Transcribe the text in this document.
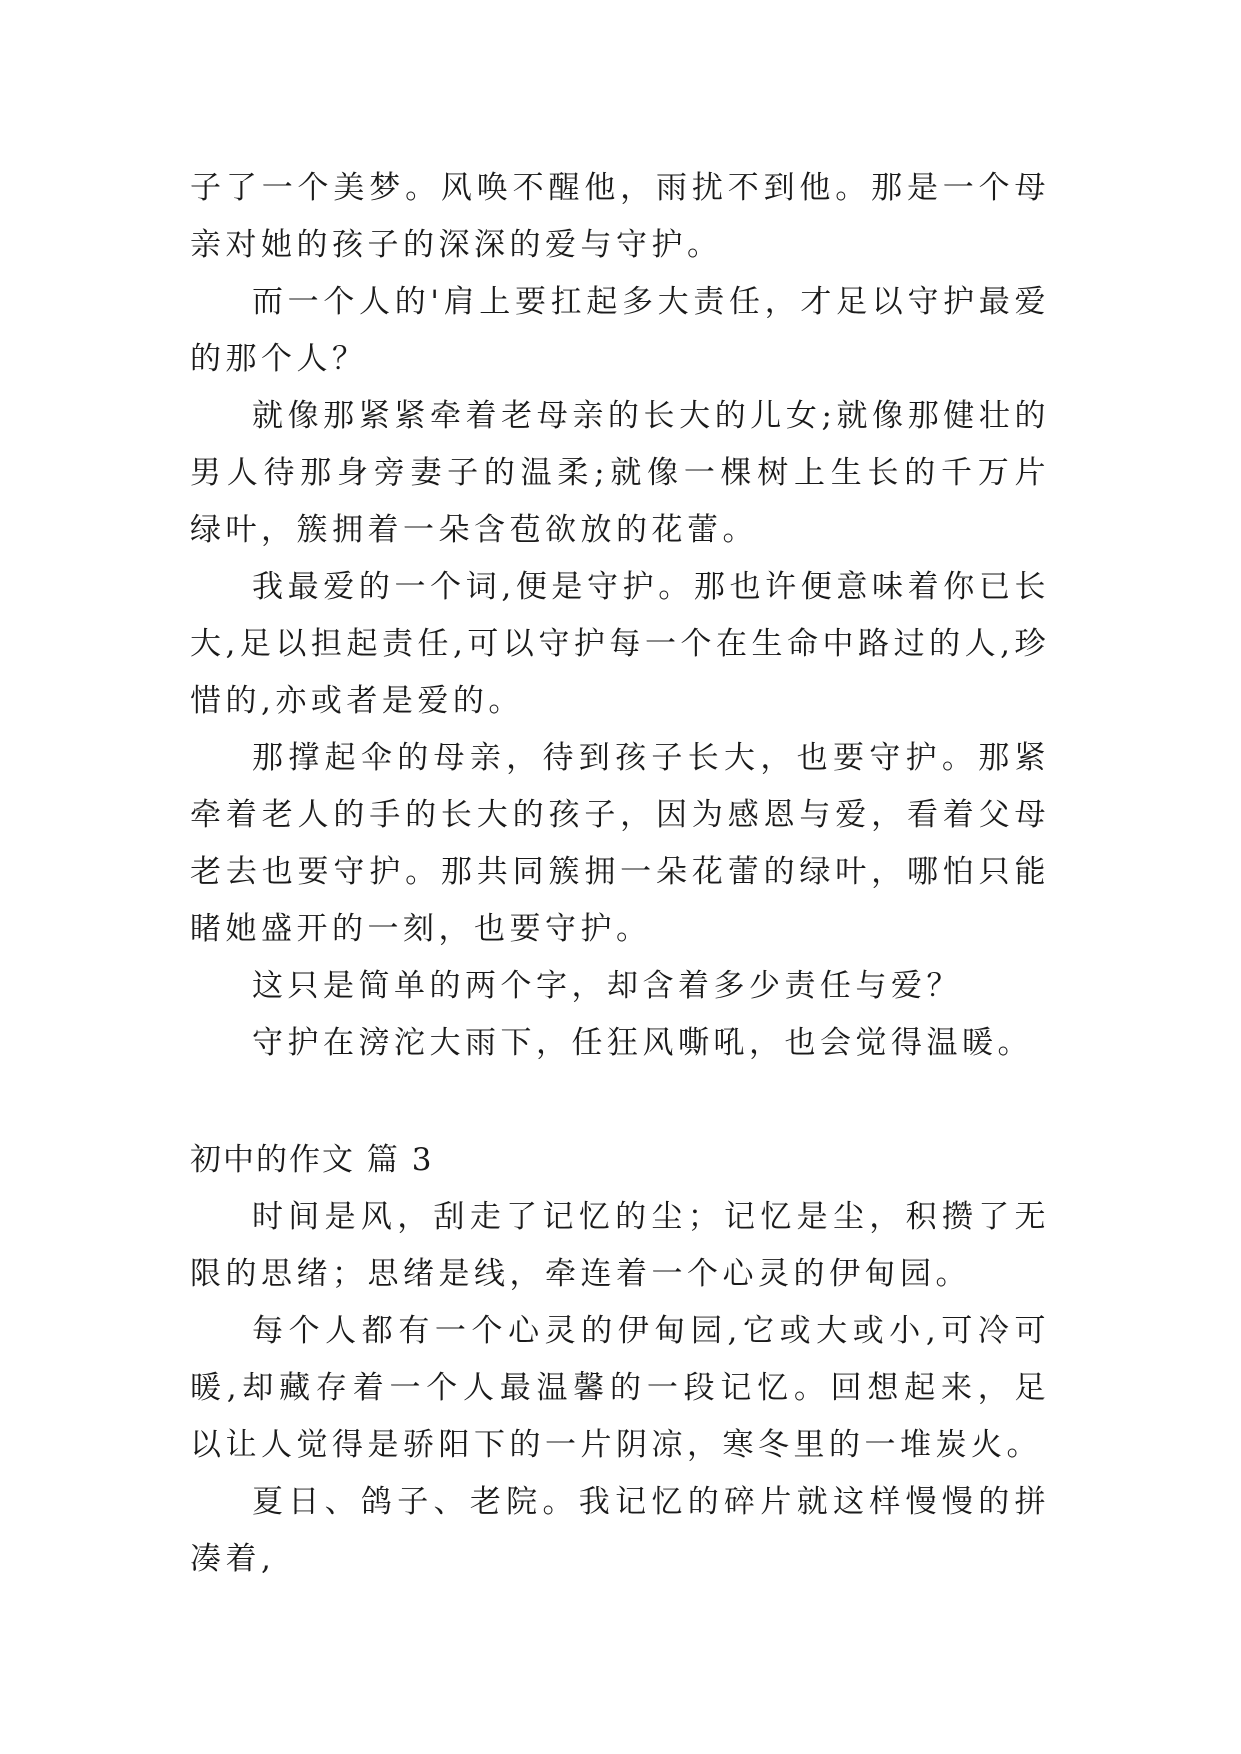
子了一个美梦。风唤不醒他，雨扰不到他。那是一个母亲对她的孩子的深深的爱与守护。

而一个人的'肩上要扛起多大责任，才足以守护最爱的那个人？

就像那紧紧牵着老母亲的长大的儿女;就像那健壮的男人待那身旁妻子的温柔;就像一棵树上生长的千万片绿叶，簇拥着一朵含苞欲放的花蕾。

我最爱的一个词,便是守护。那也许便意味着你已长大,足以担起责任,可以守护每一个在生命中路过的人,珍惜的,亦或者是爱的。

那撑起伞的母亲，待到孩子长大，也要守护。那紧牵着老人的手的长大的孩子，因为感恩与爱，看着父母老去也要守护。那共同簇拥一朵花蕾的绿叶，哪怕只能睹她盛开的一刻，也要守护。

这只是简单的两个字，却含着多少责任与爱？

守护在滂沱大雨下，任狂风嘶吼，也会觉得温暖。

初中的作文 篇 3

时间是风，刮走了记忆的尘；记忆是尘，积攒了无限的思绪；思绪是线，牵连着一个心灵的伊甸园。

每个人都有一个心灵的伊甸园,它或大或小,可冷可暖,却藏存着一个人最温馨的一段记忆。回想起来，足以让人觉得是骄阳下的一片阴凉，寒冬里的一堆炭火。

夏日、鸽子、老院。我记忆的碎片就这样慢慢的拼凑着,
